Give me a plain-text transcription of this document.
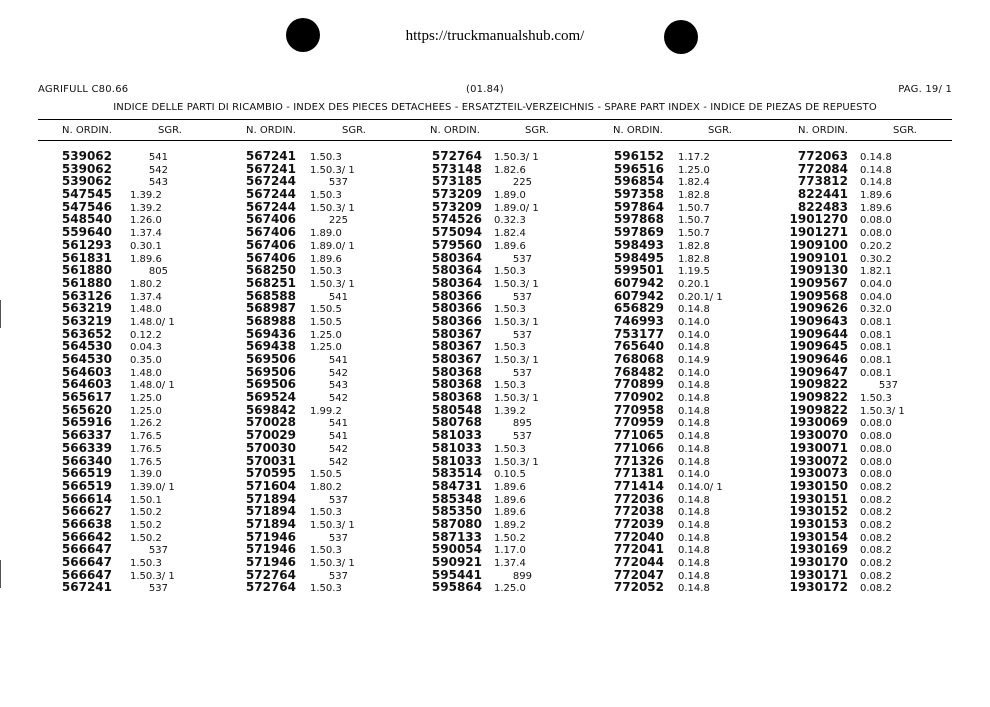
https://truckmanualshub.com/
AGRIFULL C80.66	(01.84)	PAG. 19/ 1
INDICE DELLE PARTI DI RICAMBIO - INDEX DES PIECES DETACHEES - ERSATZTEIL-VERZEICHNIS - SPARE PART INDEX - INDICE DE PIEZAS DE REPUESTO
N. ORDIN.	SGR.	N. ORDIN.	SGR.	N. ORDIN.	SGR.	N. ORDIN.	SGR.	N. ORDIN.	SGR.
539062	541
539062	542
539062	543
547545 1.39.2
547546 1.39.2
548540 1.26.0
559640 1.37.4
561293 0.30.1
561831 1.89.6
561880	805
561880 1.80.2
563126 1.37.4
563219 1.48.0
563219 1.48.0/ 1
563652 0.12.2
564530 0.04.3
564530 0.35.0
564603 1.48.0
564603 1.48.0/ 1
565617 1.25.0
565620 1.25.0
565916 1.26.2
566337 1.76.5
566339 1.76.5
566340 1.76.5
566519 1.39.0
566519 1.39.0/ 1
566614 1.50.1
566627 1.50.2
566638 1.50.2
566642 1.50.2
566647	537
566647 1.50.3
566647 1.50.3/ 1
567241	537
567241 1.50.3
567241 1.50.3/ 1
567244	537
567244 1.50.3
567244 1.50.3/ 1
567406	225
567406 1.89.0
567406 1.89.0/ 1
567406 1.89.6
568250 1.50.3
568251 1.50.3/ 1
568588	541
568987 1.50.5
568988 1.50.5
569436 1.25.0
569438 1.25.0
569506	541
569506	542
569506	543
569524	542
569842 1.99.2
570028	541
570029	541
570030	542
570031	542
570595 1.50.5
571604 1.80.2
571894	537
571894 1.50.3
571894 1.50.3/ 1
571946	537
571946 1.50.3
571946 1.50.3/ 1
572764	537
572764 1.50.3
572764 1.50.3/ 1
573148 1.82.6
573185	225
573209 1.89.0
573209 1.89.0/ 1
574526 0.32.3
575094 1.82.4
579560 1.89.6
580364	537
580364 1.50.3
580364 1.50.3/ 1
580366	537
580366 1.50.3
580366 1.50.3/ 1
580367	537
580367 1.50.3
580367 1.50.3/ 1
580368	537
580368 1.50.3
580368 1.50.3/ 1
580548 1.39.2
580768	895
581033	537
581033 1.50.3
581033 1.50.3/ 1
583514 0.10.5
584731 1.89.6
585348 1.89.6
585350 1.89.6
587080 1.89.2
587133 1.50.2
590054 1.17.0
590921 1.37.4
595441	899
595864 1.25.0
596152 1.17.2
596516 1.25.0
596854 1.82.4
597358 1.82.8
597864 1.50.7
597868 1.50.7
597869 1.50.7
598493 1.82.8
598495 1.82.8
599501 1.19.5
607942 0.20.1
607942 0.20.1/ 1
656829 0.14.8
746993 0.14.0
753177 0.14.0
765640 0.14.8
768068 0.14.9
768482 0.14.0
770899 0.14.8
770902 0.14.8
770958 0.14.8
770959 0.14.8
771065 0.14.8
771066 0.14.8
771326 0.14.8
771381 0.14.0
771414 0.14.0/ 1
772036 0.14.8
772038 0.14.8
772039 0.14.8
772040 0.14.8
772041 0.14.8
772044 0.14.8
772047 0.14.8
772052 0.14.8
772063 0.14.8
772084 0.14.8
773812 0.14.8
822441 1.89.6
822483 1.89.6
1901270 0.08.0
1901271 0.08.0
1909100 0.20.2
1909101 0.30.2
1909130 1.82.1
1909567 0.04.0
1909568 0.04.0
1909626 0.32.0
1909643 0.08.1
1909644 0.08.1
1909645 0.08.1
1909646 0.08.1
1909647 0.08.1
1909822	537
1909822 1.50.3
1909822 1.50.3/ 1
1930069 0.08.0
1930070 0.08.0
1930071 0.08.0
1930072 0.08.0
1930073 0.08.0
1930150 0.08.2
1930151 0.08.2
1930152 0.08.2
1930153 0.08.2
1930154 0.08.2
1930169 0.08.2
1930170 0.08.2
1930171 0.08.2
1930172 0.08.2
